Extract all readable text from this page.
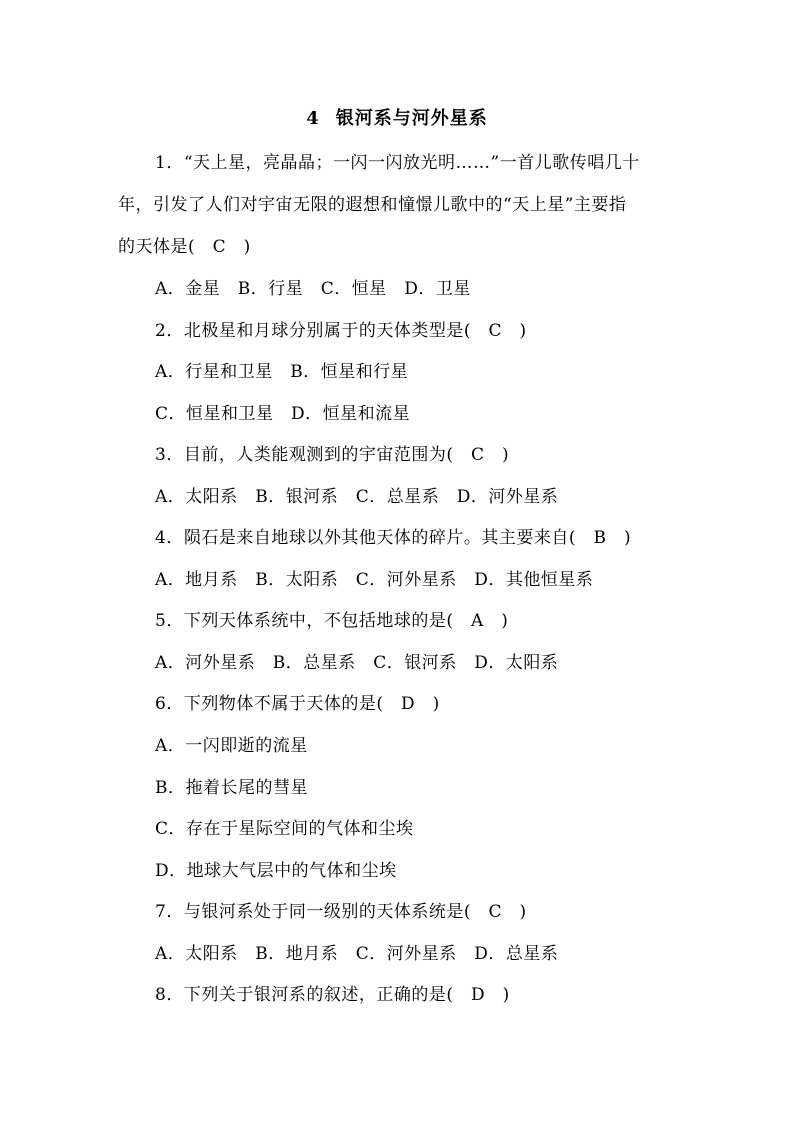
4 银河系与河外星系
1．“天上星，亮晶晶；一闪一闪放光明……”一首儿歌传唱几十
年，引发了人们对宇宙无限的遐想和憧憬儿歌中的“天上星”主要指
的天体是(　C　)
A．金星　B．行星　C．恒星　D．卫星
2．北极星和月球分别属于的天体类型是(　C　)
A．行星和卫星　B．恒星和行星
C．恒星和卫星　D．恒星和流星
3．目前，人类能观测到的宇宙范围为(　C　)
A．太阳系　B．银河系　C．总星系　D．河外星系
4．陨石是来自地球以外其他天体的碎片。其主要来自(　B　)
A．地月系　B．太阳系　C．河外星系　D．其他恒星系
5．下列天体系统中，不包括地球的是(　A　)
A．河外星系　B．总星系　C．银河系　D．太阳系
6．下列物体不属于天体的是(　D　)
A．一闪即逝的流星
B．拖着长尾的彗星
C．存在于星际空间的气体和尘埃
D．地球大气层中的气体和尘埃
7．与银河系处于同一级别的天体系统是(　C　)
A．太阳系　B．地月系　C．河外星系　D．总星系
8．下列关于银河系的叙述，正确的是(　D　)
